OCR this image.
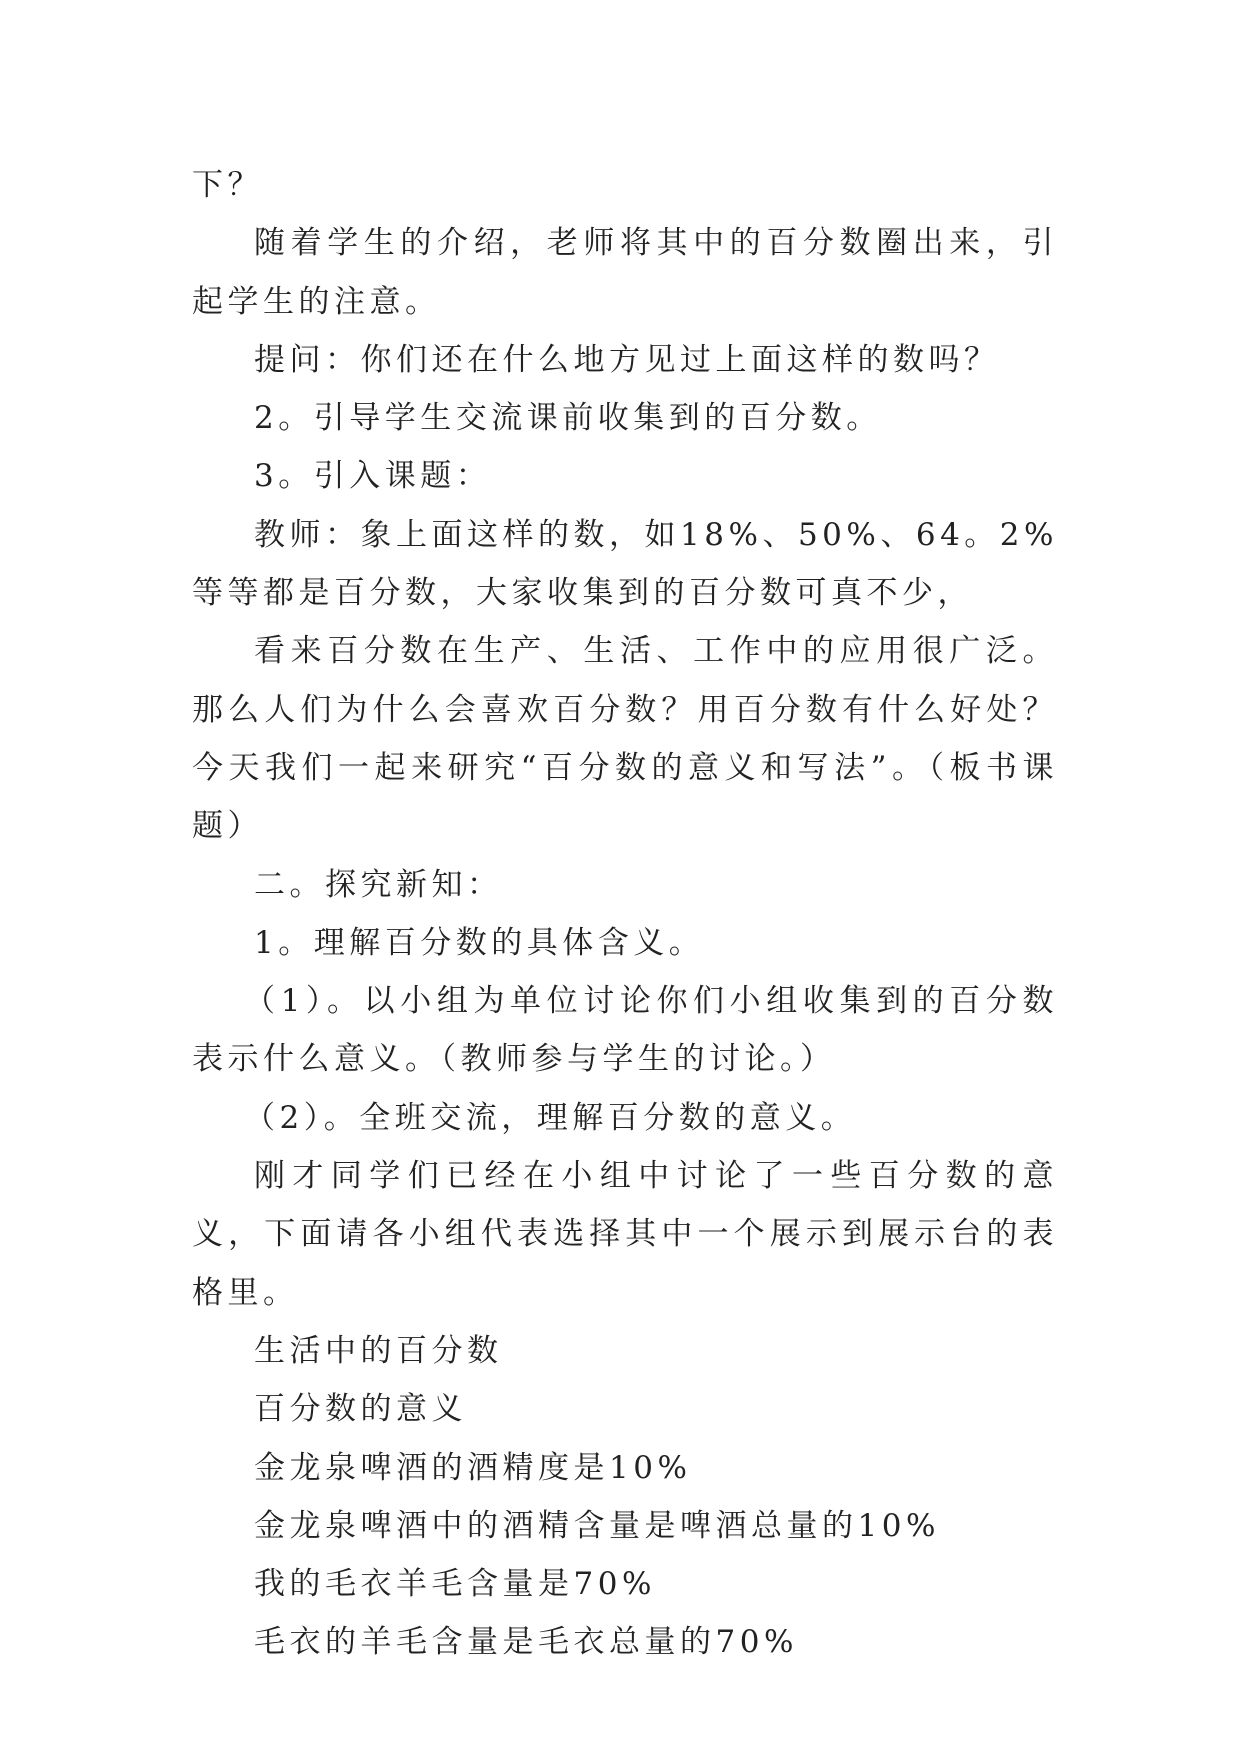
下？

随着学生的介绍，老师将其中的百分数圈出来，引起学生的注意。

提问：你们还在什么地方见过上面这样的数吗？

2。引导学生交流课前收集到的百分数。

3。引入课题：

教师：象上面这样的数，如18%、50%、64。2%等等都是百分数，大家收集到的百分数可真不少，

看来百分数在生产、生活、工作中的应用很广泛。那么人们为什么会喜欢百分数？用百分数有什么好处？今天我们一起来研究“百分数的意义和写法”。（板书课题）

二。探究新知：

1。理解百分数的具体含义。

（1）。以小组为单位讨论你们小组收集到的百分数表示什么意义。（教师参与学生的讨论。）

（2）。全班交流，理解百分数的意义。

刚才同学们已经在小组中讨论了一些百分数的意义，下面请各小组代表选择其中一个展示到展示台的表格里。

生活中的百分数

百分数的意义

金龙泉啤酒的酒精度是10%

金龙泉啤酒中的酒精含量是啤酒总量的10%

我的毛衣羊毛含量是70%

毛衣的羊毛含量是毛衣总量的70%
